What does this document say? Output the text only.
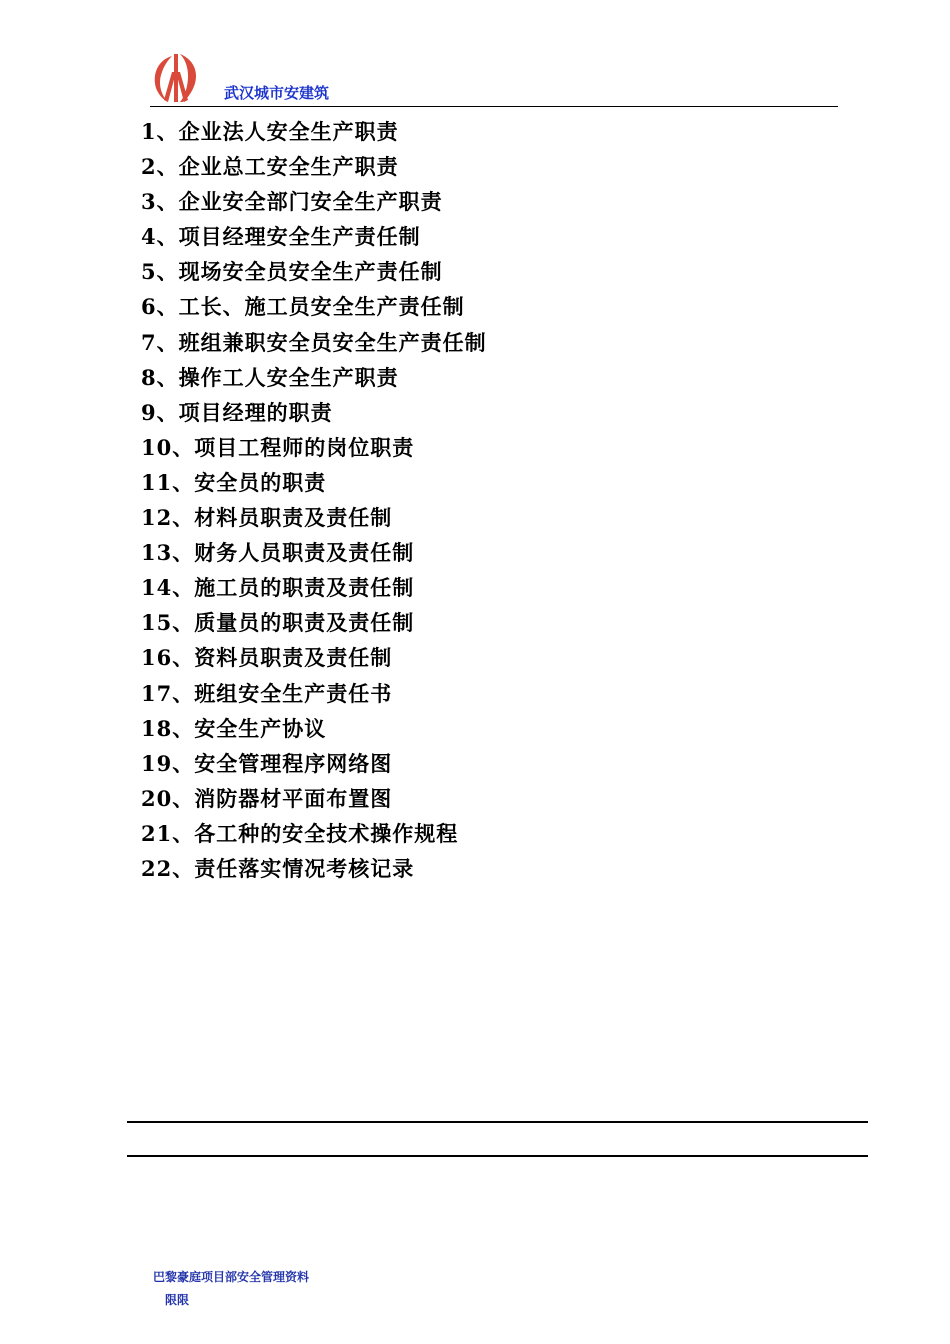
武汉城市安建筑
1、企业法人安全生产职责
2、企业总工安全生产职责
3、企业安全部门安全生产职责
4、项目经理安全生产责任制
5、现场安全员安全生产责任制
6、工长、施工员安全生产责任制
7、班组兼职安全员安全生产责任制
8、操作工人安全生产职责
9、项目经理的职责
10、项目工程师的岗位职责
11、安全员的职责
12、材料员职责及责任制
13、财务人员职责及责任制
14、施工员的职责及责任制
15、质量员的职责及责任制
16、资料员职责及责任制
17、班组安全生产责任书
18、安全生产协议
19、安全管理程序网络图
20、消防器材平面布置图
21、各工种的安全技术操作规程
22、责任落实情况考核记录
巴黎豪庭项目部安全管理资料
限限
